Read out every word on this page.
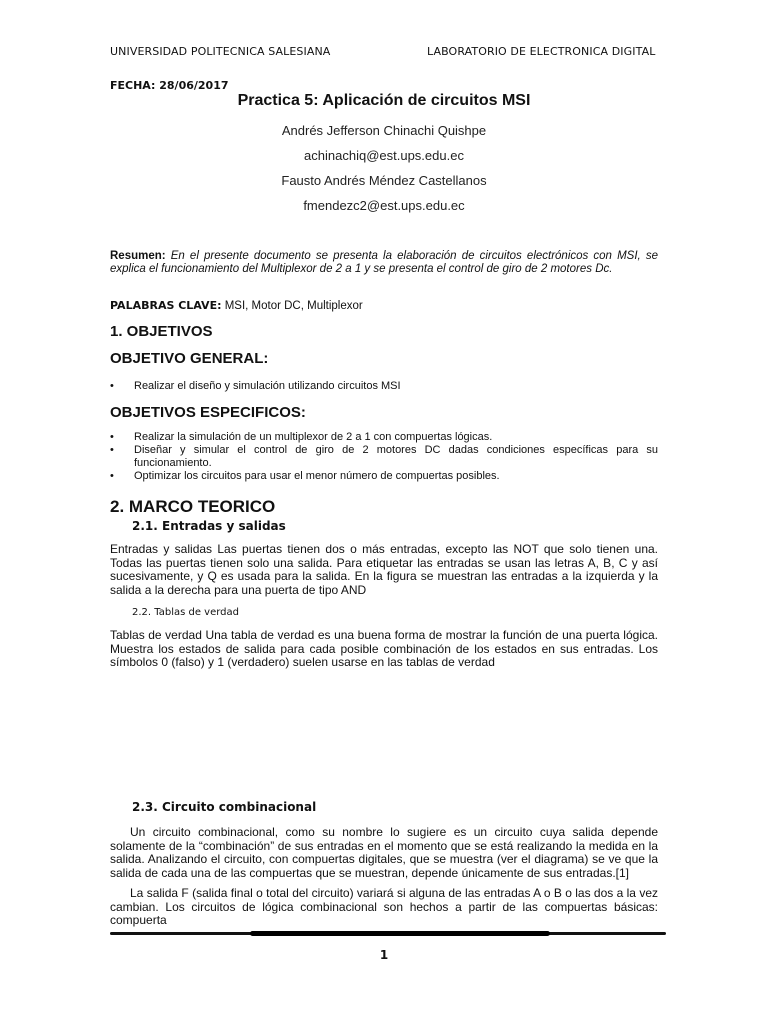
UNIVERSIDAD POLITECNICA SALESIANA	LABORATORIO DE ELECTRONICA DIGITAL
FECHA: 28/06/2017
Practica 5: Aplicación de circuitos MSI
Andrés Jefferson Chinachi Quishpe
achinachiq@est.ups.edu.ec
Fausto Andrés Méndez Castellanos
fmendezc2@est.ups.edu.ec
Resumen: En el presente documento se presenta la elaboración de circuitos electrónicos con MSI, se explica el funcionamiento del Multiplexor de 2 a 1 y se presenta el control de giro de 2 motores Dc.
PALABRAS CLAVE: MSI, Motor DC, Multiplexor
1. OBJETIVOS
OBJETIVO GENERAL:
• Realizar el diseño y simulación utilizando circuitos MSI
OBJETIVOS ESPECIFICOS:
• Realizar la simulación de un multiplexor de 2 a 1 con compuertas lógicas.
• Diseñar y simular el control de giro de 2 motores DC dadas condiciones específicas para su funcionamiento.
• Optimizar los circuitos para usar el menor número de compuertas posibles.
2. MARCO TEORICO
2.1. Entradas y salidas

Entradas y salidas Las puertas tienen dos o más entradas, excepto las NOT que solo tienen una. Todas las puertas tienen solo una salida. Para etiquetar las entradas se usan las letras A, B, C y así sucesivamente, y Q es usada para la salida. En la figura se muestran las entradas a la izquierda y la salida a la derecha para una puerta de tipo AND

2.2. Tablas de verdad

Tablas de verdad Una tabla de verdad es una buena forma de mostrar la función de una puerta lógica. Muestra los estados de salida para cada posible combinación de los estados en sus entradas. Los símbolos 0 (falso) y 1 (verdadero) suelen usarse en las tablas de verdad

2.3. Circuito combinacional

Un circuito combinacional, como su nombre lo sugiere es un circuito cuya salida depende solamente de la “combinación” de sus entradas en el momento que se está realizando la medida en la salida. Analizando el circuito, con compuertas digitales, que se muestra (ver el diagrama) se ve que la salida de cada una de las compuertas que se muestran, depende únicamente de sus entradas.[1]

La salida F (salida final o total del circuito) variará si alguna de las entradas A o B o las dos a la vez cambian. Los circuitos de lógica combinacional son hechos a partir de las compuertas básicas: compuerta

1
